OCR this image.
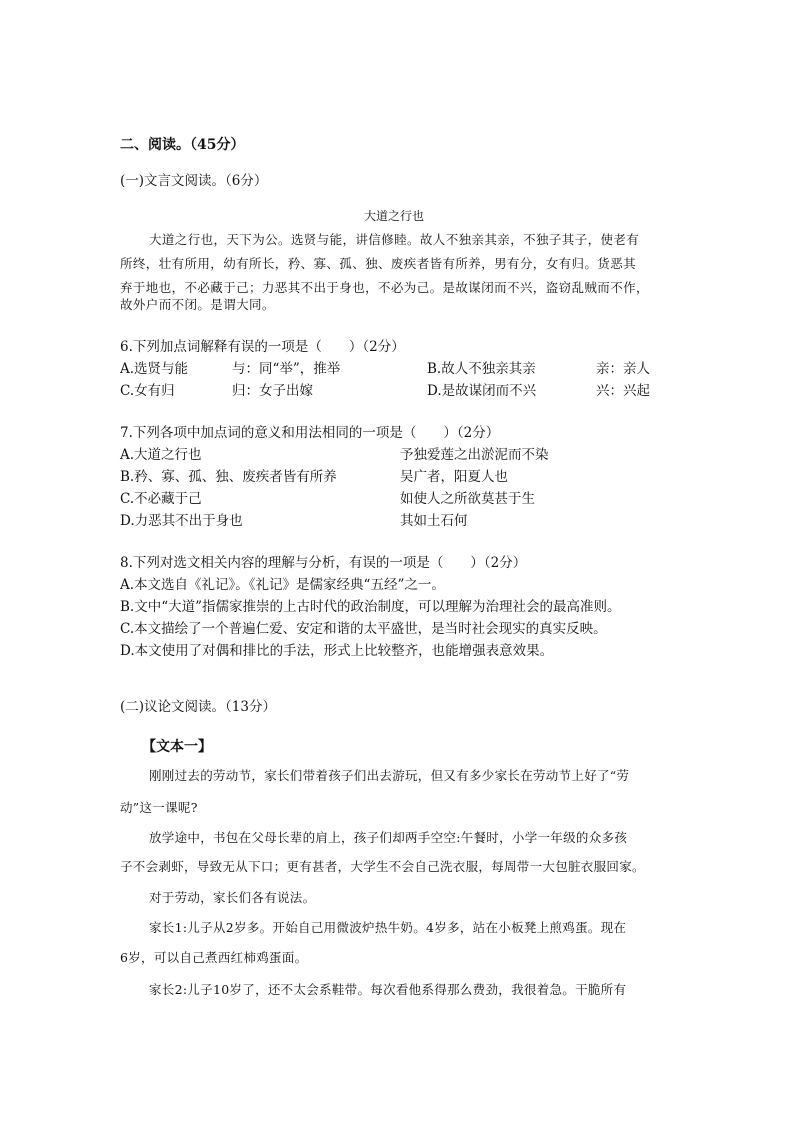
二、阅读。（45分）
(一)文言文阅读。（6分）
大道之行也
大道之行也，天下为公。选贤与能，讲信修睦。故人不独亲其亲，不独子其子，使老有
所终，壮有所用，幼有所长，矜、寡、孤、独、废疾者皆有所养，男有分，女有归。货恶其
弃于地也，不必藏于己；力恶其不出于身也，不必为己。是故谋闭而不兴，盗窃乱贼而不作，
故外户而不闭。是谓大同。
6.下列加点词解释有误的一项是（　　）（2分）
A.选贤与能	与：同“举”，推举	B.故人不独亲其亲	亲：亲人
C.女有归	归：女子出嫁	D.是故谋闭而不兴	兴：兴起
7.下列各项中加点词的意义和用法相同的一项是（　　）（2分）
A.大道之行也	予独爱莲之出淤泥而不染
B.矜、寡、孤、独、废疾者皆有所养	吴广者，阳夏人也
C.不必藏于己	如使人之所欲莫甚于生
D.力恶其不出于身也	其如土石何
8.下列对选文相关内容的理解与分析，有误的一项是（　　）（2分）
A.本文选自《礼记》。《礼记》是儒家经典“五经”之一。
B.文中“大道”指儒家推崇的上古时代的政治制度，可以理解为治理社会的最高准则。
C.本文描绘了一个普遍仁爱、安定和谐的太平盛世，是当时社会现实的真实反映。
D.本文使用了对偶和排比的手法，形式上比较整齐，也能增强表意效果。
(二)议论文阅读。（13分）
【文本一】
刚刚过去的劳动节，家长们带着孩子们出去游玩，但又有多少家长在劳动节上好了“劳
动”这一课呢?
放学途中，书包在父母长辈的肩上，孩子们却两手空空:午餐时，小学一年级的众多孩
子不会剥虾，导致无从下口；更有甚者，大学生不会自己洗衣服，每周带一大包脏衣服回家。
对于劳动，家长们各有说法。
家长1:儿子从2岁多。开始自己用微波炉热牛奶。4岁多，站在小板凳上煎鸡蛋。现在
6岁，可以自己煮西红柿鸡蛋面。
家长2:儿子10岁了，还不太会系鞋带。每次看他系得那么费劲，我很着急。干脆所有
